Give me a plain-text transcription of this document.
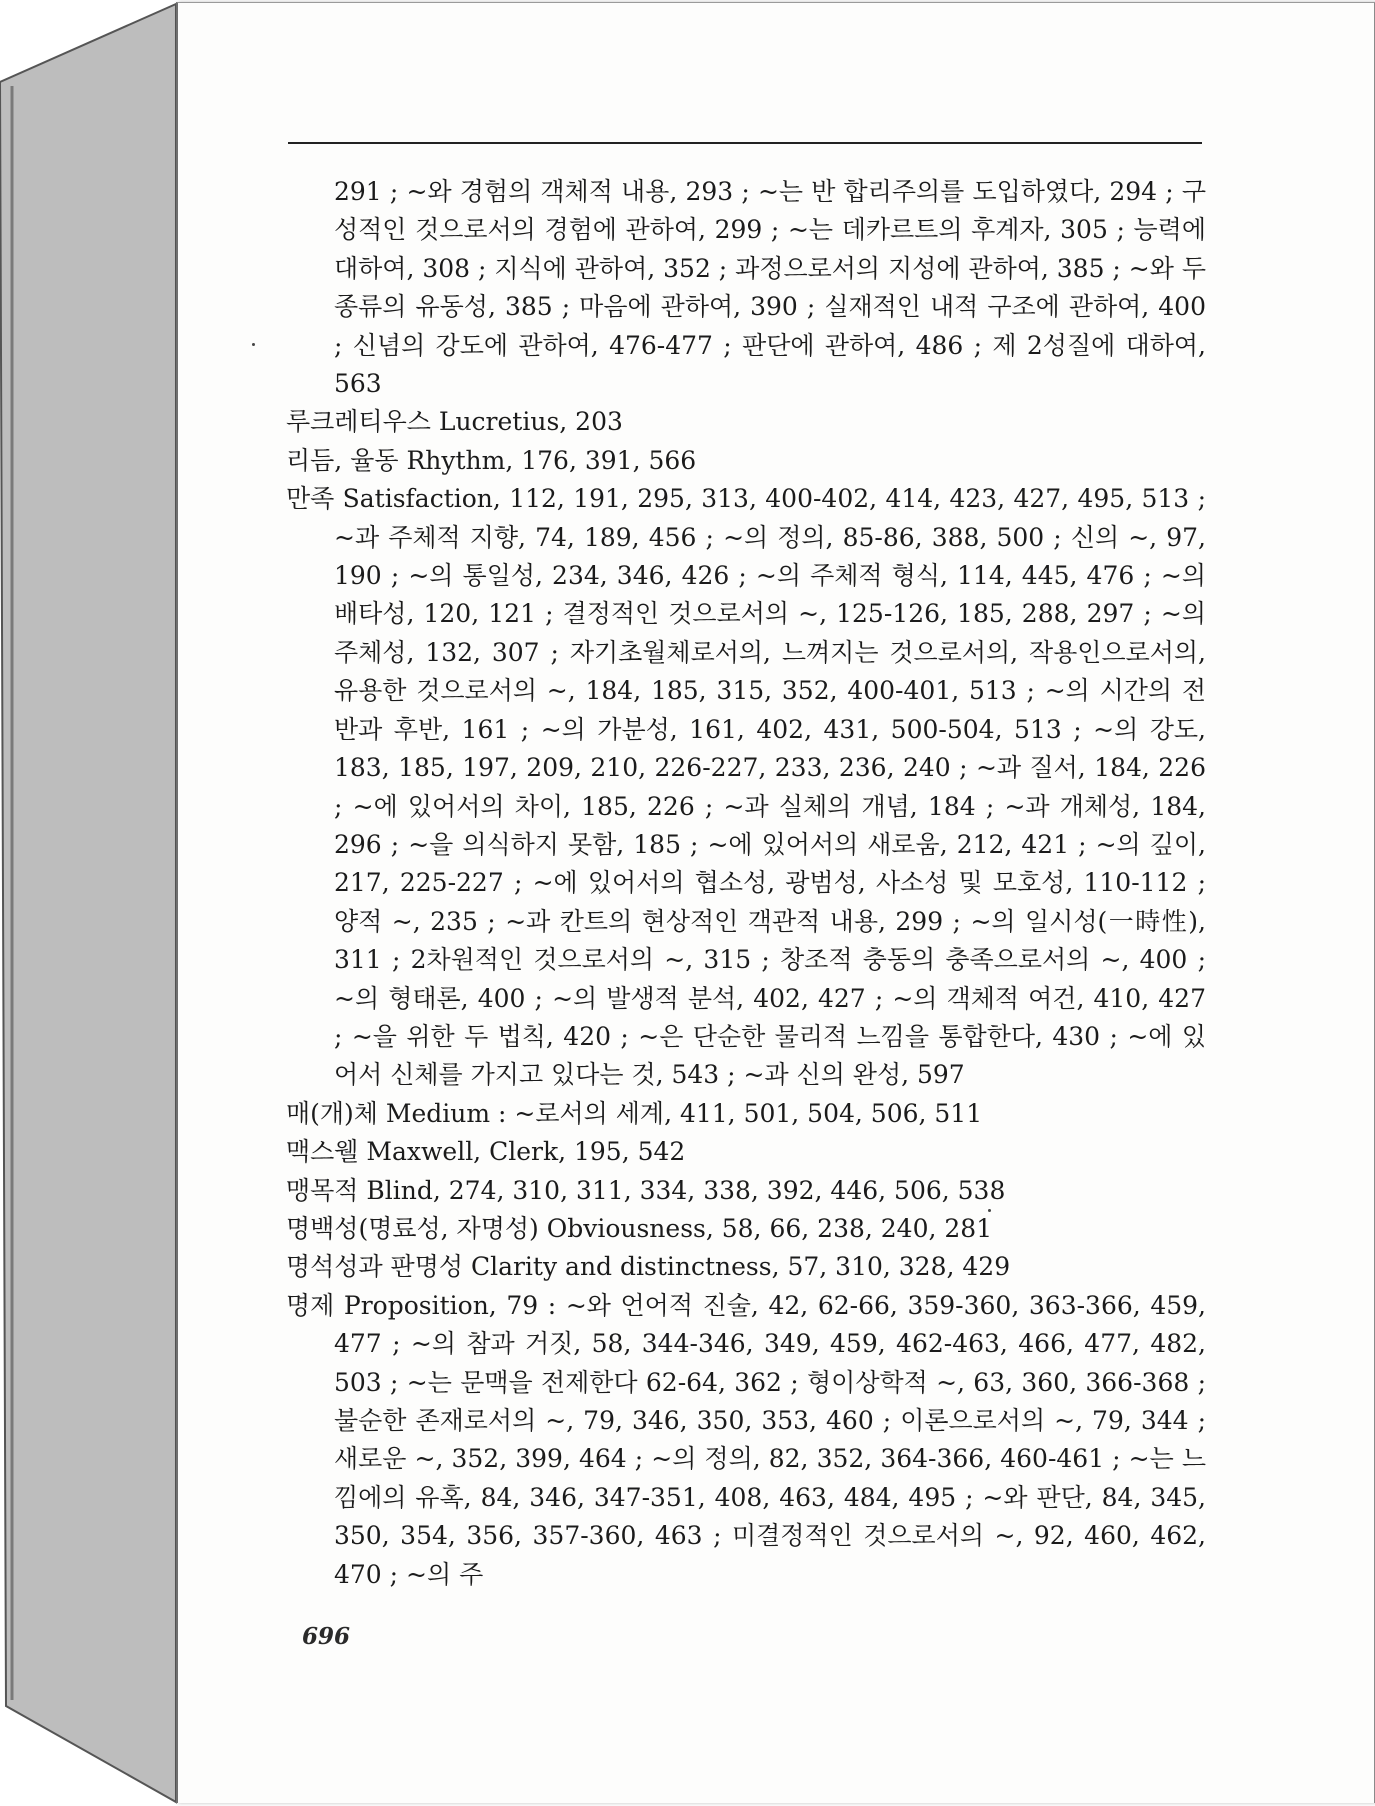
291 ; ~와 경험의 객체적 내용, 293 ; ~는 반 합리주의를 도입하였다, 294 ; 구성적인 것으로서의 경험에 관하여, 299 ; ~는 데카르트의 후계자, 305 ; 능력에 대하여, 308 ; 지식에 관하여, 352 ; 과정으로서의 지성에 관하여, 385 ; ~와 두 종류의 유동성, 385 ; 마음에 관하여, 390 ; 실재적인 내적 구조에 관하여, 400 ; 신념의 강도에 관하여, 476-477 ; 판단에 관하여, 486 ; 제 2성질에 대하여, 563

루크레티우스 Lucretius, 203

리듬, 율동 Rhythm, 176, 391, 566

만족 Satisfaction, 112, 191, 295, 313, 400-402, 414, 423, 427, 495, 513 ; ~과 주체적 지향, 74, 189, 456 ; ~의 정의, 85-86, 388, 500 ; 신의 ~, 97, 190 ; ~의 통일성, 234, 346, 426 ; ~의 주체적 형식, 114, 445, 476 ; ~의 배타성, 120, 121 ; 결정적인 것으로서의 ~, 125-126, 185, 288, 297 ; ~의 주체성, 132, 307 ; 자기초월체로서의, 느껴지는 것으로서의, 작용인으로서의, 유용한 것으로서의 ~, 184, 185, 315, 352, 400-401, 513 ; ~의 시간의 전반과 후반, 161 ; ~의 가분성, 161, 402, 431, 500-504, 513 ; ~의 강도, 183, 185, 197, 209, 210, 226-227, 233, 236, 240 ; ~과 질서, 184, 226 ; ~에 있어서의 차이, 185, 226 ; ~과 실체의 개념, 184 ; ~과 개체성, 184, 296 ; ~을 의식하지 못함, 185 ; ~에 있어서의 새로움, 212, 421 ; ~의 깊이, 217, 225-227 ; ~에 있어서의 협소성, 광범성, 사소성 및 모호성, 110-112 ; 양적 ~, 235 ; ~과 칸트의 현상적인 객관적 내용, 299 ; ~의 일시성(一時性), 311 ; 2차원적인 것으로서의 ~, 315 ; 창조적 충동의 충족으로서의 ~, 400 ; ~의 형태론, 400 ; ~의 발생적 분석, 402, 427 ; ~의 객체적 여건, 410, 427 ; ~을 위한 두 법칙, 420 ; ~은 단순한 물리적 느낌을 통합한다, 430 ; ~에 있어서 신체를 가지고 있다는 것, 543 ; ~과 신의 완성, 597

매(개)체 Medium : ~로서의 세계, 411, 501, 504, 506, 511

맥스웰 Maxwell, Clerk, 195, 542

맹목적 Blind, 274, 310, 311, 334, 338, 392, 446, 506, 538

명백성(명료성, 자명성) Obviousness, 58, 66, 238, 240, 281

명석성과 판명성 Clarity and distinctness, 57, 310, 328, 429

명제 Proposition, 79 : ~와 언어적 진술, 42, 62-66, 359-360, 363-366, 459, 477 ; ~의 참과 거짓, 58, 344-346, 349, 459, 462-463, 466, 477, 482, 503 ; ~는 문맥을 전제한다 62-64, 362 ; 형이상학적 ~, 63, 360, 366-368 ; 불순한 존재로서의 ~, 79, 346, 350, 353, 460 ; 이론으로서의 ~, 79, 344 ; 새로운 ~, 352, 399, 464 ; ~의 정의, 82, 352, 364-366, 460-461 ; ~는 느낌에의 유혹, 84, 346, 347-351, 408, 463, 484, 495 ; ~와 판단, 84, 345, 350, 354, 356, 357-360, 463 ; 미결정적인 것으로서의 ~, 92, 460, 462, 470 ; ~의 주

696
